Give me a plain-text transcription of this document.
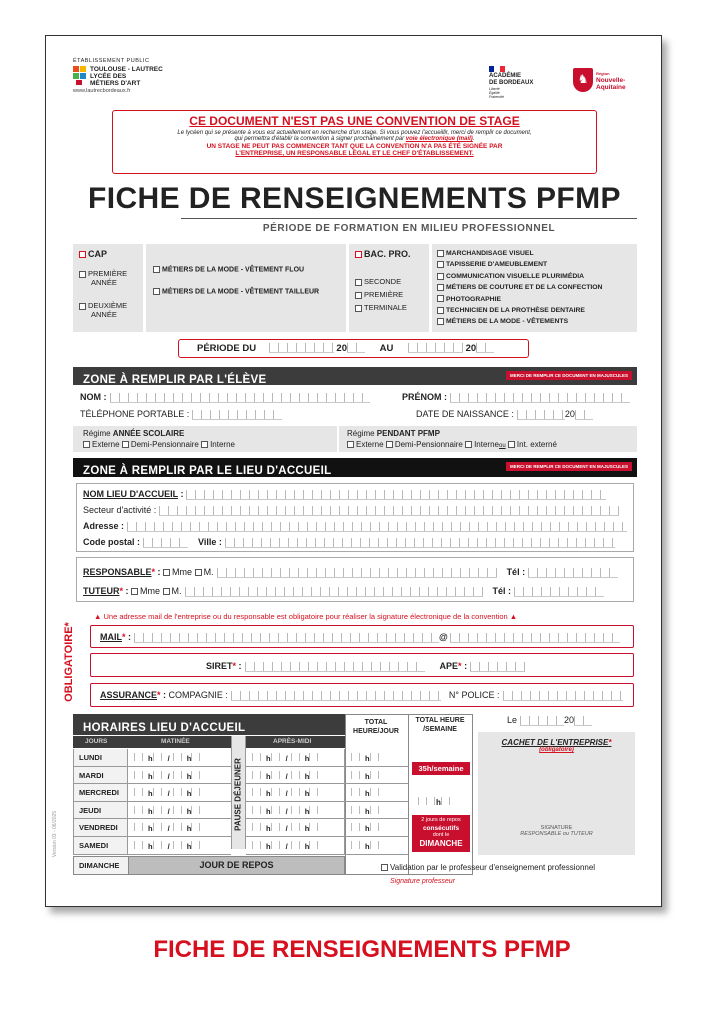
ÉTABLISSEMENT PUBLIC
TOULOUSE - LAUTREC
LYCÉE DES
MÉTIERS D'ART
www.lautrecbordeaux.fr
ACADÉMIE
DE BORDEAUX
Liberté Égalité Fraternité
♞	Région
Nouvelle-
Aquitaine
CE DOCUMENT N'EST PAS UNE CONVENTION DE STAGE
Le lycéen qui se présente à vous est actuellement en recherche d'un stage. Si vous pouvez l'accueillir, merci de remplir ce document,
qui permettra d'établir la convention à signer prochainement par voie électronique (mail).
UN STAGE NE PEUT PAS COMMENCER TANT QUE LA CONVENTION N'A PAS ÉTÉ SIGNÉE PAR
L'ENTREPRISE, UN RESPONSABLE LÉGAL ET LE CHEF D'ÉTABLISSEMENT.
FICHE DE RENSEIGNEMENTS PFMP
PÉRIODE DE FORMATION EN MILIEU PROFESSIONNEL
CAP
PREMIÈRE
ANNÉE
DEUXIÈME
ANNÉE
MÉTIERS DE LA MODE - VÊTEMENT FLOU
MÉTIERS DE LA MODE - VÊTEMENT TAILLEUR
BAC. PRO.
SECONDE
PREMIÈRE
TERMINALE
MARCHANDISAGE VISUEL
TAPISSERIE D'AMEUBLEMENT
COMMUNICATION VISUELLE PLURIMÉDIA
MÉTIERS DE COUTURE ET DE LA CONFECTION
PHOTOGRAPHIE
TECHNICIEN DE LA PROTHÈSE DENTAIRE
MÉTIERS DE LA MODE - VÊTEMENTS
PÉRIODE DU	20	AU	20
ZONE À REMPLIR PAR L'ÉLÈVE	MERCI DE REMPLIR CE DOCUMENT EN MAJUSCULES
NOM :	PRÉNOM :
TÉLÉPHONE PORTABLE :	DATE DE NAISSANCE :	20
Régime ANNÉE SCOLAIRE
Externe Demi-Pensionnaire Interne
Régime PENDANT PFMP
Externe Demi-Pensionnaire Interneou Int. externé
ZONE À REMPLIR PAR LE LIEU D'ACCUEIL	MERCI DE REMPLIR CE DOCUMENT EN MAJUSCULES
NOM LIEU D'ACCUEIL :
Secteur d'activité :
Adresse :
Code postal :	Ville :
RESPONSABLE* : Mme M.	Tél :
TUTEUR* : Mme M.	Tél :
OBLIGATOIRE*
▲ Une adresse mail de l'entreprise ou du responsable est obligatoire pour réaliser la signature électronique de la convention ▲
MAIL* :	@
SIRET* :	APE* :
ASSURANCE* : COMPAGNIE :	N° POLICE :
HORAIRES LIEU D'ACCUEIL	TOTAL HEURE/JOUR
TOTAL HEURE /SEMAINE
JOURS	MATINÉE	APRÈS-MIDI
PAUSE DÉJEUNER
LUNDI	h / h	h / h	h
MARDI	h / h	h / h	h
MERCREDI	h / h	h / h	h
JEUDI	h / h	h / h	h
VENDREDI	h / h	h / h	h
SAMEDI	h / h	h / h	h
DIMANCHE	JOUR DE REPOS
35h/semaine
h
2 jours de repos
consécutifs
dont le
DIMANCHE
Version 03 - 06/2025
Le	20
CACHET DE L'ENTREPRISE*
(obligatoire)
SIGNATURE
RESPONSABLE ou TUTEUR
Validation par le professeur d'enseignement professionnel
Signature professeur
FICHE DE RENSEIGNEMENTS PFMP
